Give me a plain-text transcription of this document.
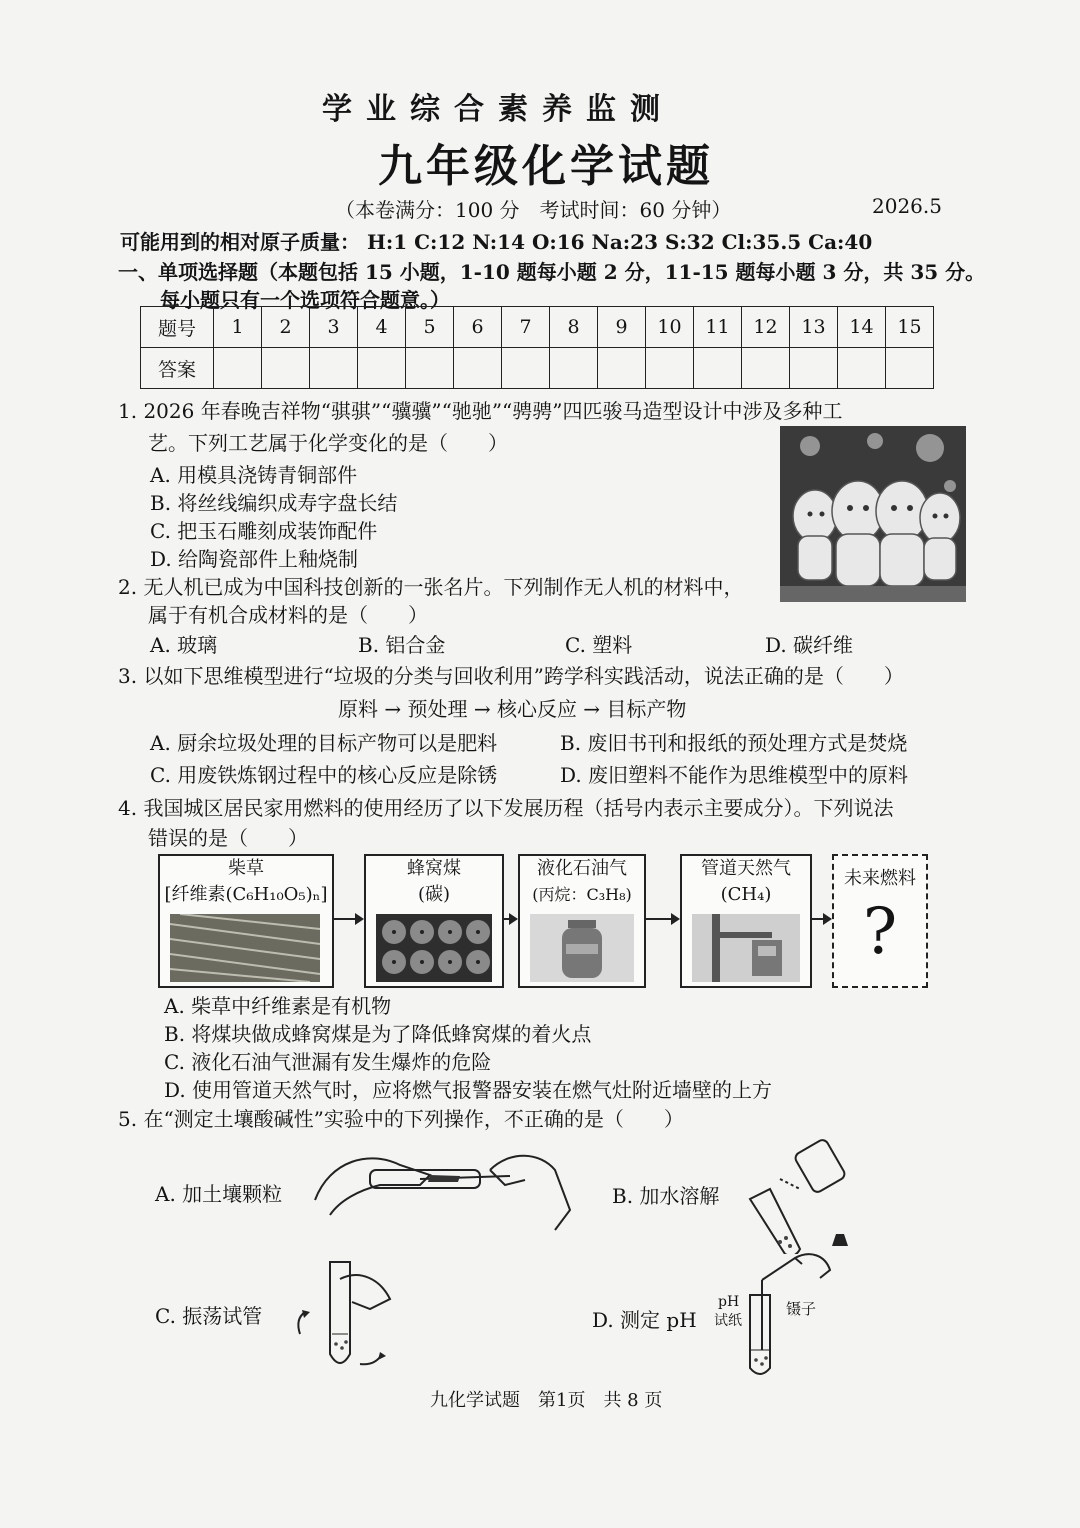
学业综合素养监测
九年级化学试题
（本卷满分：100 分　考试时间：60 分钟）	2026.5
可能用到的相对原子质量： H:1 C:12 N:14 O:16 Na:23 S:32 Cl:35.5 Ca:40
一、单项选择题（本题包括 15 小题，1-10 题每小题 2 分，11-15 题每小题 3 分，共 35 分。
每小题只有一个选项符合题意。）
题号	1	2	3	4	5	6	7	8	9	10	11	12	13	14	15
答案															
1. 2026 年春晚吉祥物“骐骐”“骥骥”“驰驰”“骋骋”四匹骏马造型设计中涉及多种工
艺。下列工艺属于化学变化的是（　　）
A. 用模具浇铸青铜部件
B. 将丝线编织成寿字盘长结
C. 把玉石雕刻成装饰配件
D. 给陶瓷部件上釉烧制
2. 无人机已成为中国科技创新的一张名片。下列制作无人机的材料中，
属于有机合成材料的是（　　）
A. 玻璃	B. 铝合金	C. 塑料	D. 碳纤维
3. 以如下思维模型进行“垃圾的分类与回收利用”跨学科实践活动，说法正确的是（　　）
原料 → 预处理 → 核心反应 → 目标产物
A. 厨余垃圾处理的目标产物可以是肥料	B. 废旧书刊和报纸的预处理方式是焚烧
C. 用废铁炼钢过程中的核心反应是除锈	D. 废旧塑料不能作为思维模型中的原料
4. 我国城区居民家用燃料的使用经历了以下发展历程（括号内表示主要成分）。下列说法
错误的是（　　）
柴草
[纤维素(C₆H₁₀O₅)ₙ]
蜂窝煤
(碳)
液化石油气
(丙烷：C₃H₈)
管道天然气
(CH₄)
未来燃料
?
A. 柴草中纤维素是有机物
B. 将煤块做成蜂窝煤是为了降低蜂窝煤的着火点
C. 液化石油气泄漏有发生爆炸的危险
D. 使用管道天然气时，应将燃气报警器安装在燃气灶附近墙壁的上方
5. 在“测定土壤酸碱性”实验中的下列操作，不正确的是（　　）
A. 加土壤颗粒	B. 加水溶解
C. 振荡试管	D. 测定 pH
pH
试纸
镊子
九化学试题　第1页　共 8 页
